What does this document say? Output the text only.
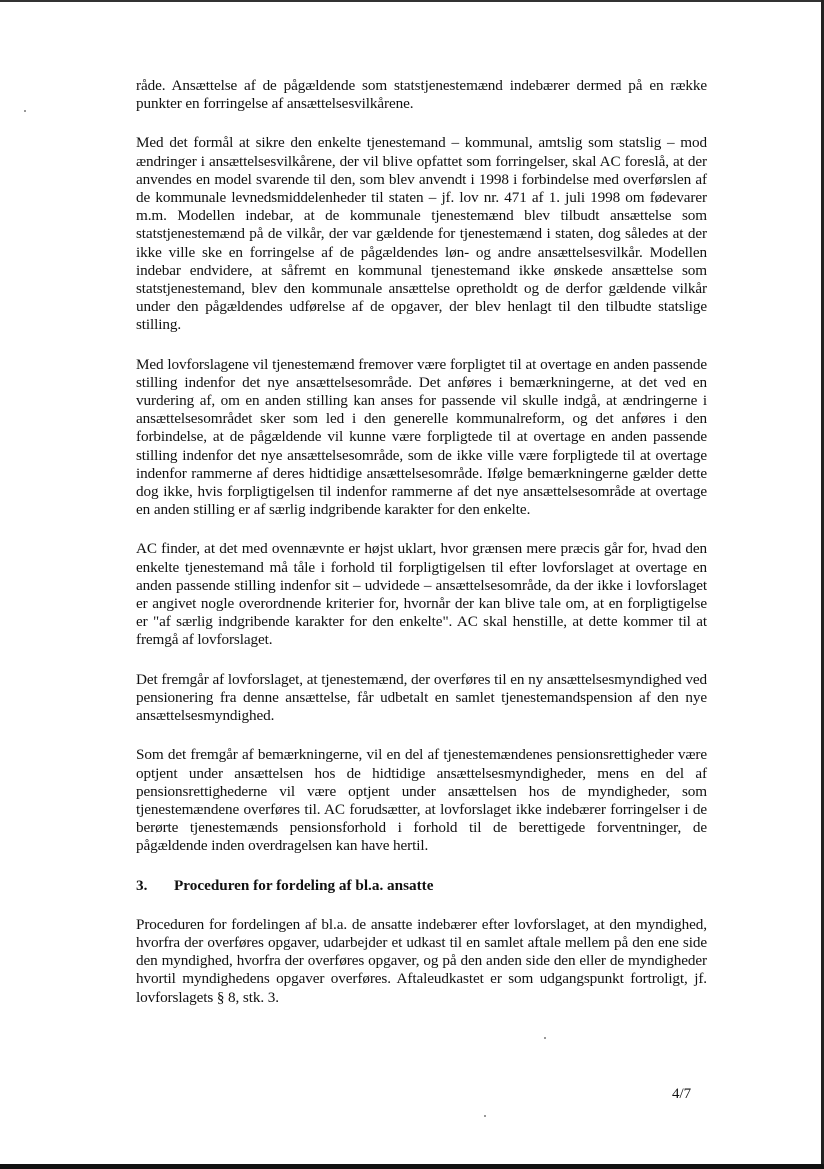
råde. Ansættelse af de pågældende som statstjenestemænd indebærer dermed på en række punkter en forringelse af ansættelsesvilkårene.

Med det formål at sikre den enkelte tjenestemand – kommunal, amtslig som statslig – mod ændringer i ansættelsesvilkårene, der vil blive opfattet som forringelser, skal AC foreslå, at der anvendes en model svarende til den, som blev anvendt i 1998 i forbindelse med overførslen af de kommunale levnedsmiddelenheder til staten – jf. lov nr. 471 af 1. juli 1998 om fødevarer m.m. Modellen indebar, at de kommunale tjenestemænd blev tilbudt ansættelse som statstjenestemænd på de vilkår, der var gældende for tjenestemænd i staten, dog således at der ikke ville ske en forringelse af de pågældendes løn- og andre ansættelsesvilkår. Modellen indebar endvidere, at såfremt en kommunal tjenestemand ikke ønskede ansættelse som statstjenestemand, blev den kommunale ansættelse opretholdt og de derfor gældende vilkår under den pågældendes udførelse af de opgaver, der blev henlagt til den tilbudte statslige stilling.

Med lovforslagene vil tjenestemænd fremover være forpligtet til at overtage en anden passende stilling indenfor det nye ansættelsesområde. Det anføres i bemærkningerne, at det ved en vurdering af, om en anden stilling kan anses for passende vil skulle indgå, at ændringerne i ansættelsesområdet sker som led i den generelle kommunalreform, og det anføres i den forbindelse, at de pågældende vil kunne være forpligtede til at overtage en anden passende stilling indenfor det nye ansættelsesområde, som de ikke ville være forpligtede til at overtage indenfor rammerne af deres hidtidige ansættelsesområde. Ifølge bemærkningerne gælder dette dog ikke, hvis forpligtigelsen til indenfor rammerne af det nye ansættelsesområde at overtage en anden stilling er af særlig indgribende karakter for den enkelte.

AC finder, at det med ovennævnte er højst uklart, hvor grænsen mere præcis går for, hvad den enkelte tjenestemand må tåle i forhold til forpligtigelsen til efter lovforslaget at overtage en anden passende stilling indenfor sit – udvidede – ansættelsesområde, da der ikke i lovforslaget er angivet nogle overordnende kriterier for, hvornår der kan blive tale om, at en forpligtigelse er "af særlig indgribende karakter for den enkelte". AC skal henstille, at dette kommer til at fremgå af lovforslaget.

Det fremgår af lovforslaget, at tjenestemænd, der overføres til en ny ansættelsesmyndighed ved pensionering fra denne ansættelse, får udbetalt en samlet tjenestemandspension af den nye ansættelsesmyndighed.

Som det fremgår af bemærkningerne, vil en del af tjenestemændenes pensionsrettigheder være optjent under ansættelsen hos de hidtidige ansættelsesmyndigheder, mens en del af pensionsrettighederne vil være optjent under ansættelsen hos de myndigheder, som tjenestemændene overføres til. AC forudsætter, at lovforslaget ikke indebærer forringelser i de berørte tjenestemænds pensionsforhold i forhold til de berettigede forventninger, de pågældende inden overdragelsen kan have hertil.

3.	Proceduren for fordeling af bl.a. ansatte

Proceduren for fordelingen af bl.a. de ansatte indebærer efter lovforslaget, at den myndighed, hvorfra der overføres opgaver, udarbejder et udkast til en samlet aftale mellem på den ene side den myndighed, hvorfra der overføres opgaver, og på den anden side den eller de myndigheder hvortil myndighedens opgaver overføres. Aftaleudkastet er som udgangspunkt fortroligt, jf. lovforslagets § 8, stk. 3.

4/7
